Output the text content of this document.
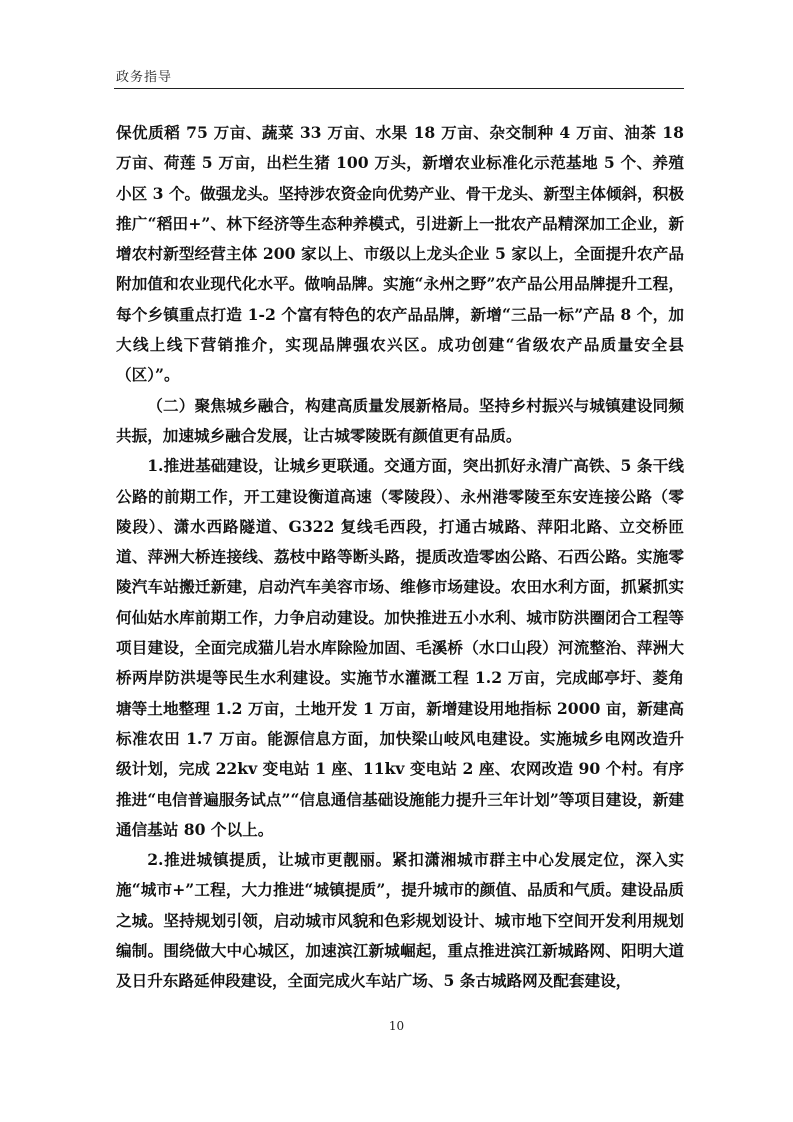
政务指导

保优质稻 75 万亩、蔬菜 33 万亩、水果 18 万亩、杂交制种 4 万亩、油茶 18 万亩、荷莲 5 万亩，出栏生猪 100 万头，新增农业标准化示范基地 5 个、养殖小区 3 个。做强龙头。坚持涉农资金向优势产业、骨干龙头、新型主体倾斜，积极推广“稻田+”、林下经济等生态种养模式，引进新上一批农产品精深加工企业，新增农村新型经营主体 200 家以上、市级以上龙头企业 5 家以上，全面提升农产品附加值和农业现代化水平。做响品牌。实施“永州之野”农产品公用品牌提升工程，每个乡镇重点打造 1-2 个富有特色的农产品品牌，新增“三品一标”产品 8 个，加大线上线下营销推介，实现品牌强农兴区。成功创建“省级农产品质量安全县（区）”。

（二）聚焦城乡融合，构建高质量发展新格局。坚持乡村振兴与城镇建设同频共振，加速城乡融合发展，让古城零陵既有颜值更有品质。

1.推进基础建设，让城乡更联通。交通方面，突出抓好永清广高铁、5 条干线公路的前期工作，开工建设衡道高速（零陵段）、永州港零陵至东安连接公路（零陵段）、潇水西路隧道、G322 复线毛西段，打通古城路、萍阳北路、立交桥匝道、萍洲大桥连接线、荔枝中路等断头路，提质改造零凼公路、石西公路。实施零陵汽车站搬迁新建，启动汽车美容市场、维修市场建设。农田水利方面，抓紧抓实何仙姑水库前期工作，力争启动建设。加快推进五小水利、城市防洪圈闭合工程等项目建设，全面完成猫儿岩水库除险加固、毛溪桥（水口山段）河流整治、萍洲大桥两岸防洪堤等民生水利建设。实施节水灌溉工程 1.2 万亩，完成邮亭圩、菱角塘等土地整理 1.2 万亩，土地开发 1 万亩，新增建设用地指标 2000 亩，新建高标准农田 1.7 万亩。能源信息方面，加快梁山岐风电建设。实施城乡电网改造升级计划，完成 22kv 变电站 1 座、11kv 变电站 2 座、农网改造 90 个村。有序推进“电信普遍服务试点”“信息通信基础设施能力提升三年计划”等项目建设，新建通信基站 80 个以上。

2.推进城镇提质，让城市更靓丽。紧扣潇湘城市群主中心发展定位，深入实施“城市+”工程，大力推进“城镇提质”，提升城市的颜值、品质和气质。建设品质之城。坚持规划引领，启动城市风貌和色彩规划设计、城市地下空间开发利用规划编制。围绕做大中心城区，加速滨江新城崛起，重点推进滨江新城路网、阳明大道及日升东路延伸段建设，全面完成火车站广场、5 条古城路网及配套建设，

10
